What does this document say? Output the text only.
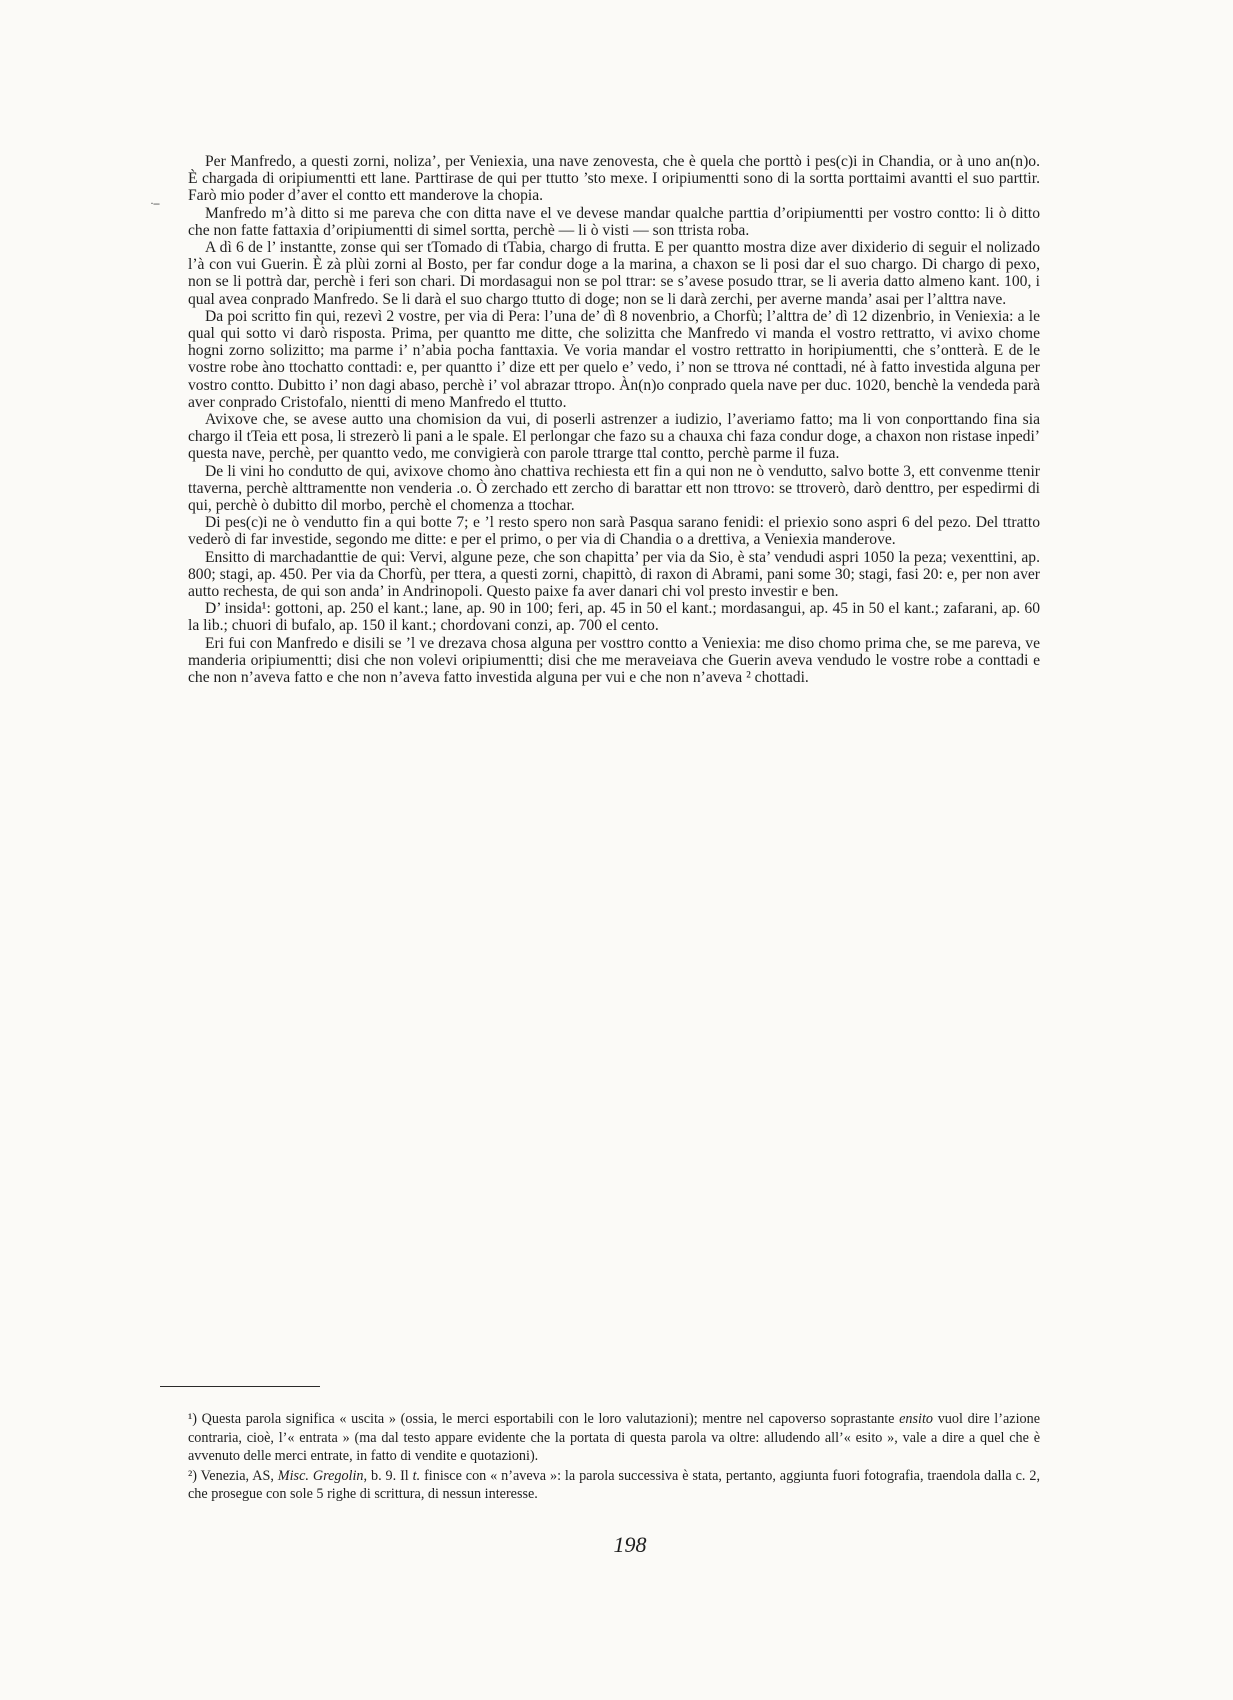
·--

Per Manfredo, a questi zorni, noliza’, per Veniexia, una nave zenovesta, che è quela che porttò i pes(c)i in Chandia, or à uno an(n)o. È chargada di oripiumentti ett lane. Parttirase de qui per ttutto ’sto mexe. I oripiumentti sono di la sortta porttaimi avantti el suo parttir. Farò mio poder d’aver el contto ett manderove la chopia.

Manfredo m’à ditto si me pareva che con ditta nave el ve devese mandar qualche parttia d’oripiumentti per vostro contto: li ò ditto che non fatte fattaxia d’oripiumentti di simel sortta, perchè — li ò visti — son ttrista roba.

A dì 6 de l’ instantte, zonse qui ser tTomado di tTabia, chargo di frutta. E per quantto mostra dize aver dixiderio di seguir el nolizado l’à con vui Guerin. È zà plùi zorni al Bosto, per far condur doge a la marina, a chaxon se li posi dar el suo chargo. Di chargo di pexo, non se li pottrà dar, perchè i feri son chari. Di mordasagui non se pol ttrar: se s’avese posudo ttrar, se li averia datto almeno kant. 100, i qual avea conprado Manfredo. Se li darà el suo chargo ttutto di doge; non se li darà zerchi, per averne manda’ asai per l’alttra nave.

Da poi scritto fin qui, rezevì 2 vostre, per via di Pera: l’una de’ dì 8 novenbrio, a Chorfù; l’alttra de’ dì 12 dizenbrio, in Veniexia: a le qual qui sotto vi darò risposta. Prima, per quantto me ditte, che solizitta che Manfredo vi manda el vostro rettratto, vi avixo chome hogni zorno solizitto; ma parme i’ n’abia pocha fanttaxia. Ve voria mandar el vostro rettratto in horipiumentti, che s’ontterà. E de le vostre robe àno ttochatto conttadi: e, per quantto i’ dize ett per quelo e’ vedo, i’ non se ttrova né conttadi, né à fatto investida alguna per vostro contto. Dubitto i’ non dagi abaso, perchè i’ vol abrazar ttropo. Àn(n)o conprado quela nave per duc. 1020, benchè la vendeda parà aver conprado Cristofalo, nientti di meno Manfredo el ttutto.

Avixove che, se avese autto una chomision da vui, di poserli astrenzer a iudizio, l’averiamo fatto; ma li von conporttando fina sia chargo il tTeia ett posa, li strezerò li pani a le spale. El perlongar che fazo su a chauxa chi faza condur doge, a chaxon non ristase inpedi’ questa nave, perchè, per quantto vedo, me convigierà con parole ttrarge ttal contto, perchè parme il fuza.

De li vini ho condutto de qui, avixove chomo àno chattiva rechiesta ett fin a qui non ne ò vendutto, salvo botte 3, ett convenme ttenir ttaverna, perchè alttramentte non venderia .o. Ò zerchado ett zercho di barattar ett non ttrovo: se ttroverò, darò denttro, per espedirmi di qui, perchè ò dubitto dil morbo, perchè el chomenza a ttochar.

Di pes(c)i ne ò vendutto fin a qui botte 7; e ’l resto spero non sarà Pasqua sarano fenidi: el priexio sono aspri 6 del pezo. Del ttratto vederò di far investide, segondo me ditte: e per el primo, o per via di Chandia o a drettiva, a Veniexia manderove.

Ensitto di marchadanttie de qui: Vervi, algune peze, che son chapitta’ per via da Sio, è sta’ vendudi aspri 1050 la peza; vexenttini, ap. 800; stagi, ap. 450. Per via da Chorfù, per ttera, a questi zorni, chapittò, di raxon di Abrami, pani some 30; stagi, fasi 20: e, per non aver autto rechesta, de qui son anda’ in Andrinopoli. Questo paixe fa aver danari chi vol presto investir e ben.

D’ insida¹: gottoni, ap. 250 el kant.; lane, ap. 90 in 100; feri, ap. 45 in 50 el kant.; mordasangui, ap. 45 in 50 el kant.; zafarani, ap. 60 la lib.; chuori di bufalo, ap. 150 il kant.; chordovani conzi, ap. 700 el cento.

Eri fui con Manfredo e disili se ’l ve drezava chosa alguna per vosttro contto a Veniexia: me diso chomo prima che, se me pareva, ve manderia oripiumentti; disi che non volevi oripiumentti; disi che me meraveiava che Guerin aveva vendudo le vostre robe a conttadi e che non n’aveva fatto e che non n’aveva fatto investida alguna per vui e che non n’aveva ² chottadi.

¹) Questa parola significa « uscita » (ossia, le merci esportabili con le loro valutazioni); mentre nel capoverso soprastante ensito vuol dire l’azione contraria, cioè, l’« entrata » (ma dal testo appare evidente che la portata di questa parola va oltre: alludendo all’« esito », vale a dire a quel che è avvenuto delle merci entrate, in fatto di vendite e quotazioni).

²) Venezia, AS, Misc. Gregolin, b. 9. Il t. finisce con « n’aveva »: la parola successiva è stata, pertanto, aggiunta fuori fotografia, traendola dalla c. 2, che prosegue con sole 5 righe di scrittura, di nessun interesse.

198
